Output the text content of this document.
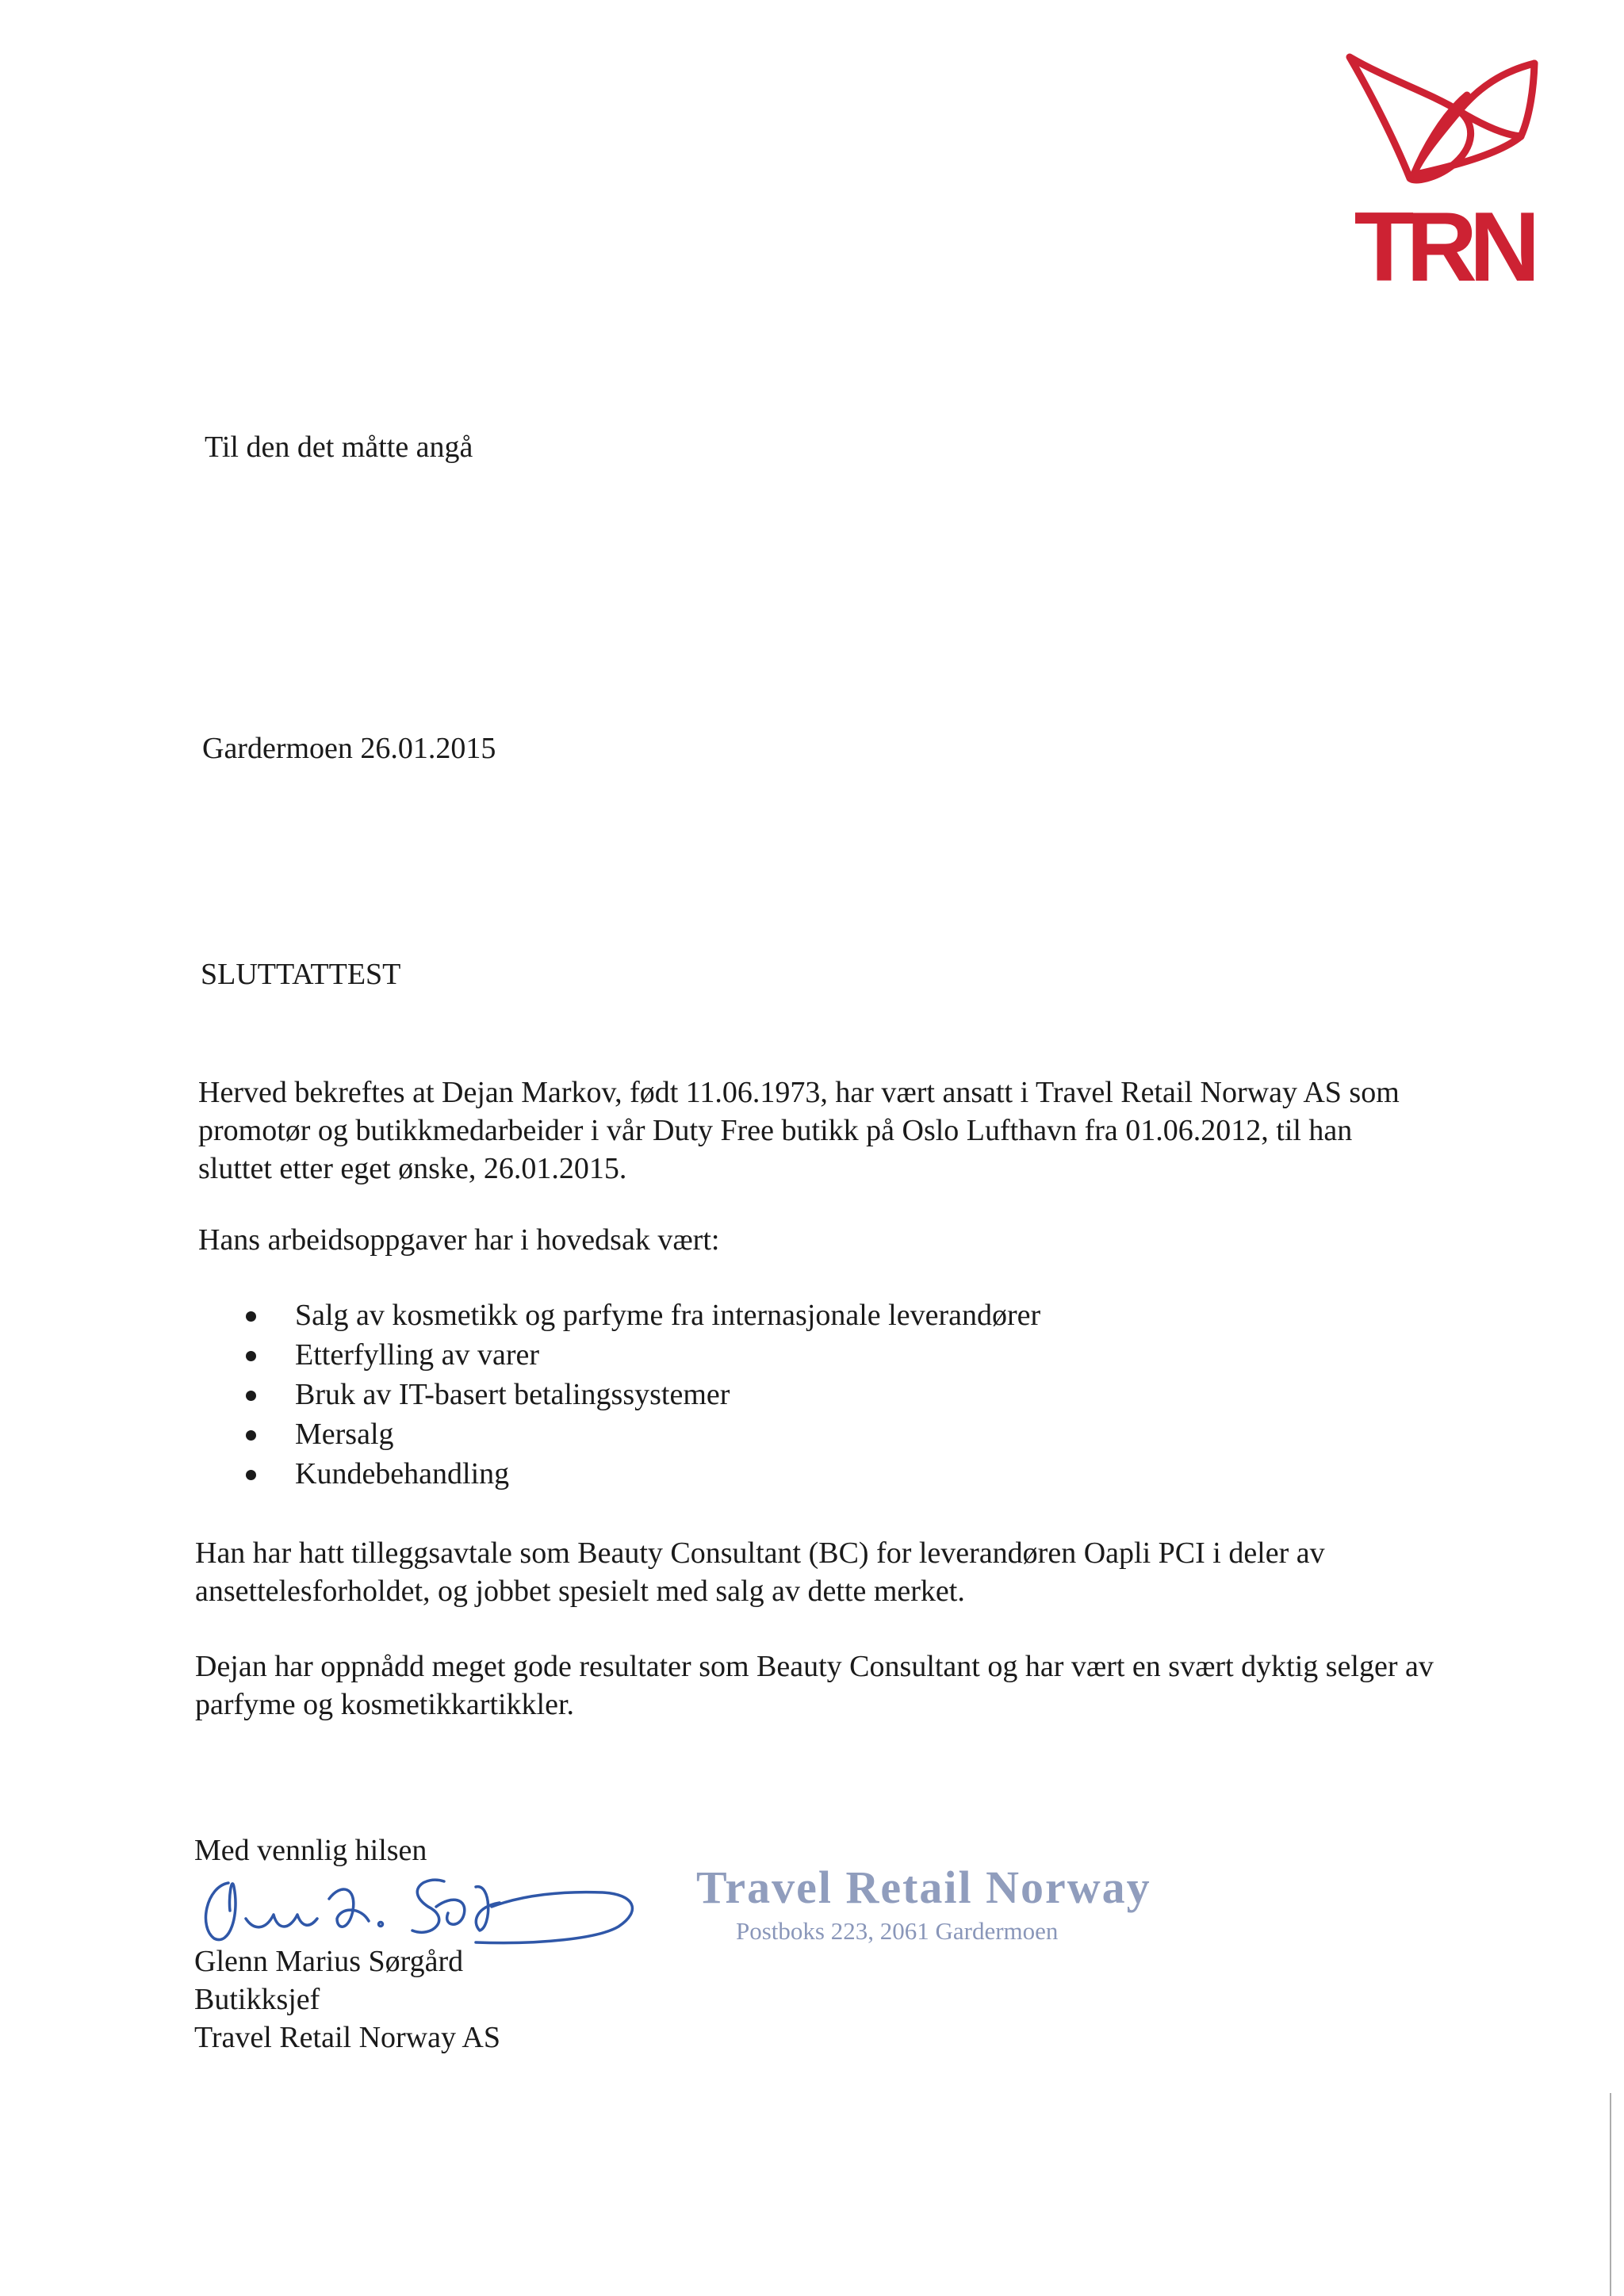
TRN

Til den det måtte angå

Gardermoen 26.01.2015

SLUTTATTEST

Herved bekreftes at Dejan Markov, født 11.06.1973, har vært ansatt i Travel Retail Norway AS som promotør og butikkmedarbeider i vår Duty Free butikk på Oslo Lufthavn fra 01.06.2012, til han sluttet etter eget ønske, 26.01.2015.

Hans arbeidsoppgaver har i hovedsak vært:

Salg av kosmetikk og parfyme fra internasjonale leverandører
Etterfylling av varer
Bruk av IT-basert betalingssystemer
Mersalg
Kundebehandling

Han har hatt tilleggsavtale som Beauty Consultant (BC) for leverandøren Oapli PCI i deler av ansettelesforholdet, og jobbet spesielt med salg av dette merket.

Dejan har oppnådd meget gode resultater som Beauty Consultant og har vært en svært dyktig selger av parfyme og kosmetikkartikkler.

Med vennlig hilsen

Travel Retail Norway
Postboks 223, 2061 Gardermoen

Glenn Marius Sørgård

Butikksjef

Travel Retail Norway AS
